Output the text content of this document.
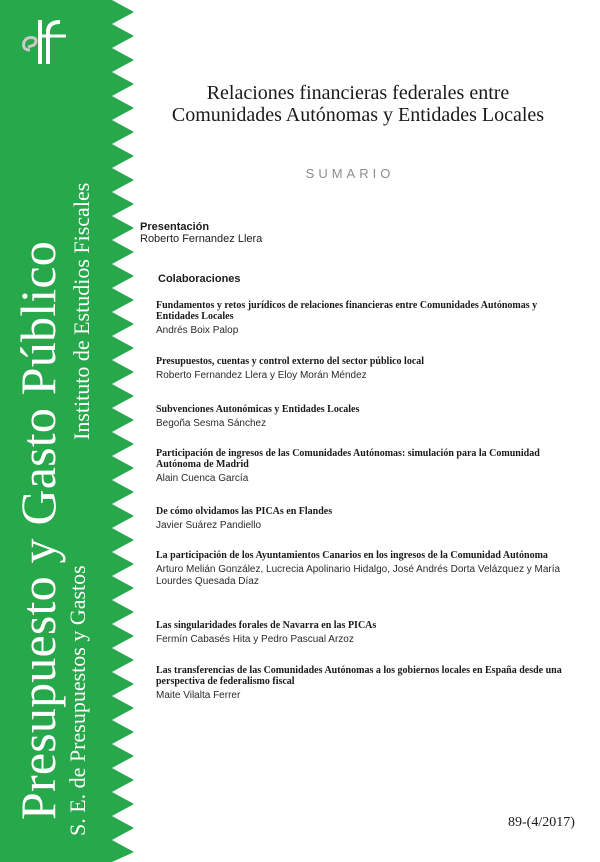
Presupuesto y Gasto Público Instituto de Estudios Fiscales
S. E. de Presupuestos y Gastos
Relaciones financieras federales entre
Comunidades Autónomas y Entidades Locales
SUMARIO
Presentación
Roberto Fernandez Llera
Colaboraciones
Fundamentos y retos jurídicos de relaciones financieras entre Comunidades Autónomas y Entidades Locales
Andrés Boix Palop
Presupuestos, cuentas y control externo del sector público local
Roberto Fernandez Llera y Eloy Morán Méndez
Subvenciones Autonómicas y Entidades Locales
Begoña Sesma Sánchez
Participación de ingresos de las Comunidades Autónomas: simulación para la Comunidad Autónoma de Madrid
Alain Cuenca García
De cómo olvidamos las PICAs en Flandes
Javier Suárez Pandiello
La participación de los Ayuntamientos Canarios en los ingresos de la Comunidad Autónoma
Arturo Melián González, Lucrecia Apolinario Hidalgo, José Andrés Dorta Velázquez y María Lourdes Quesada Díaz
Las singularidades forales de Navarra en las PICAs
Fermín Cabasés Hita y Pedro Pascual Arzoz
Las transferencias de las Comunidades Autónomas a los gobiernos locales en España desde una perspectiva de federalismo fiscal
Maite Vilalta Ferrer
89-(4/2017)
